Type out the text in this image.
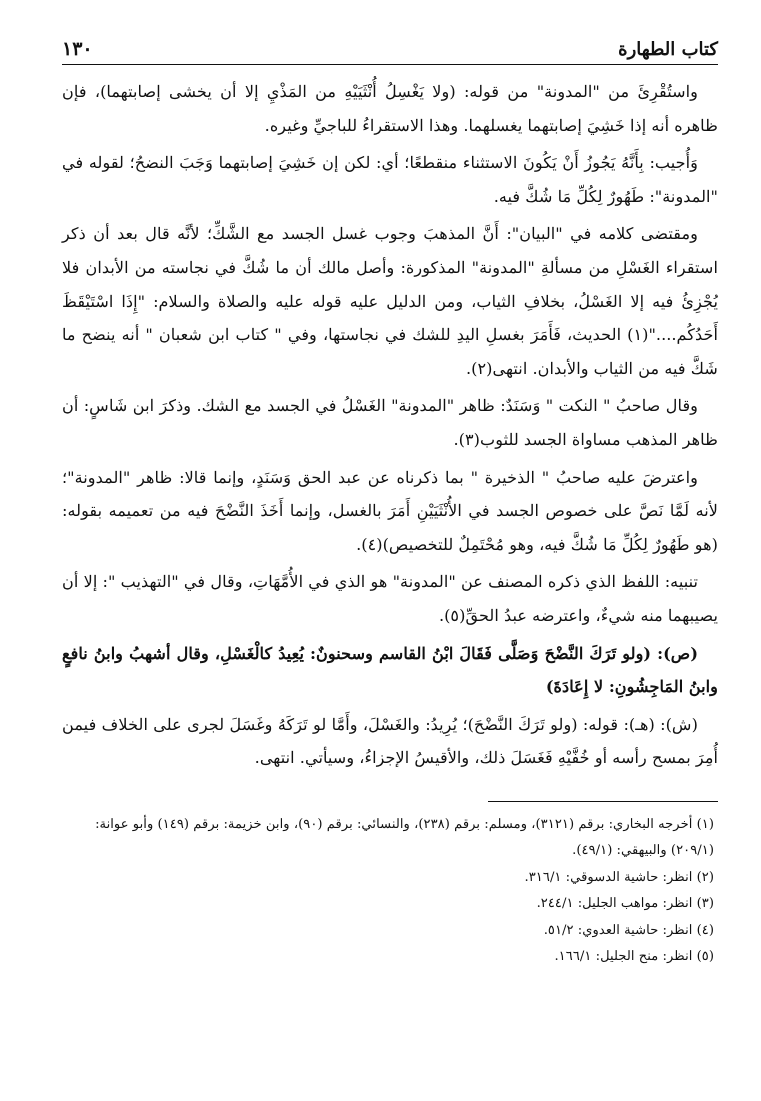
كتاب الطهارة
١٣٠

واستُقْرِئَ من "المدونة" من قوله: (ولا يَغْسِلُ أُنْثَيَيْهِ من المَذْيِ إلا أن يخشى إصابتهما)، فإن ظاهره أنه إذا خَشِيَ إصابتهما يغسلهما. وهذا الاستقراءُ للباجيِّ وغيره.

وَأُجيب: بِأَنَّهُ يَجُوزُ أَنْ يَكُونَ الاستثناء منقطعًا؛ أي: لكن إن خَشِيَ إصابتهما وَجَبَ النضحُ؛ لقوله في "المدونة": طَهُورٌ لِكُلِّ مَا شُكَّ فيه.

ومقتضى كلامه في "البيان": أَنَّ المذهبَ وجوب غسل الجسد مع الشَّكِّ؛ لأنَّه قال بعد أن ذكر استقراء الغَسْلِ من مسألةِ "المدونة" المذكورة: وأصل مالك أن ما شُكَّ في نجاسته من الأبدان فلا يُجْزِئُ فيه إلا الغَسْلُ، بخلافِ الثياب، ومن الدليل عليه قوله عليه والصلاة والسلام: "إِذَا اسْتَيْقَظَ أَحَدُكُم...."(١) الحديث، فَأَمَرَ بغسلِ اليدِ للشك في نجاستها، وفي " كتاب ابن شعبان " أنه ينضح ما شَكَّ فيه من الثياب والأبدان. انتهى(٢).

وقال صاحبُ " النكت " وَسَنَدٌ: ظاهر "المدونة" الغَسْلُ في الجسد مع الشك. وذكرَ ابن شَاسٍ: أن ظاهر المذهب مساواة الجسد للثوب(٣).

واعترضَ عليه صاحبُ " الذخيرة " بما ذكرناه عن عبد الحق وَسَنَدٍ، وإنما قالا: ظاهر "المدونة"؛ لأنه لَمَّا نَصَّ على خصوص الجسد في الأُنْثَيَيْنِ أَمَرَ بالغسل، وإنما أَخَذَ النَّضْحَ فيه من تعميمه بقوله: (هو طَهُورٌ لِكُلِّ مَا شُكَّ فيه، وهو مُحْتَمِلٌ للتخصيص)(٤).

تنبيه: اللفظ الذي ذكره المصنف عن "المدونة" هو الذي في الأُمَّهَاتِ، وقال في "التهذيب ": إلا أن يصيبهما منه شيءٌ، واعترضه عبدُ الحقِّ(٥).

(ص): (ولو تَرَكَ النَّضْحَ وَصَلَّى فَقَالَ ابْنُ القاسم وسحنونٌ: يُعِيدُ كالْغَسْلِ، وقال أشهبُ وابنُ نافعٍ وابنُ المَاجِشُونِ: لا إِعَادَةَ)

(ش): (هـ): قوله: (ولو تَرَكَ النَّضْحَ)؛ يُرِيدُ: والغَسْلَ، وأَمَّا لو تَرَكَهُ وغَسَلَ لجرى على الخلاف فيمن أُمِرَ بمسح رأسه أو خُفَّيْهِ فَغَسَلَ ذلك، والأقيسُ الإجزاءُ، وسيأتي. انتهى.

(١) أخرجه البخاري: برقم (٣١٢١)، ومسلم: برقم (٢٣٨)، والنسائي: برقم (٩٠)، وابن خزيمة: برقم (١٤٩) وأبو عوانة: (٢٠٩/١) والبيهقي: (٤٩/١).

(٢) انظر: حاشية الدسوقي: ٣١٦/١.

(٣) انظر: مواهب الجليل: ٢٤٤/١.

(٤) انظر: حاشية العدوي: ٥١/٢.

(٥) انظر: منح الجليل: ١٦٦/١.
